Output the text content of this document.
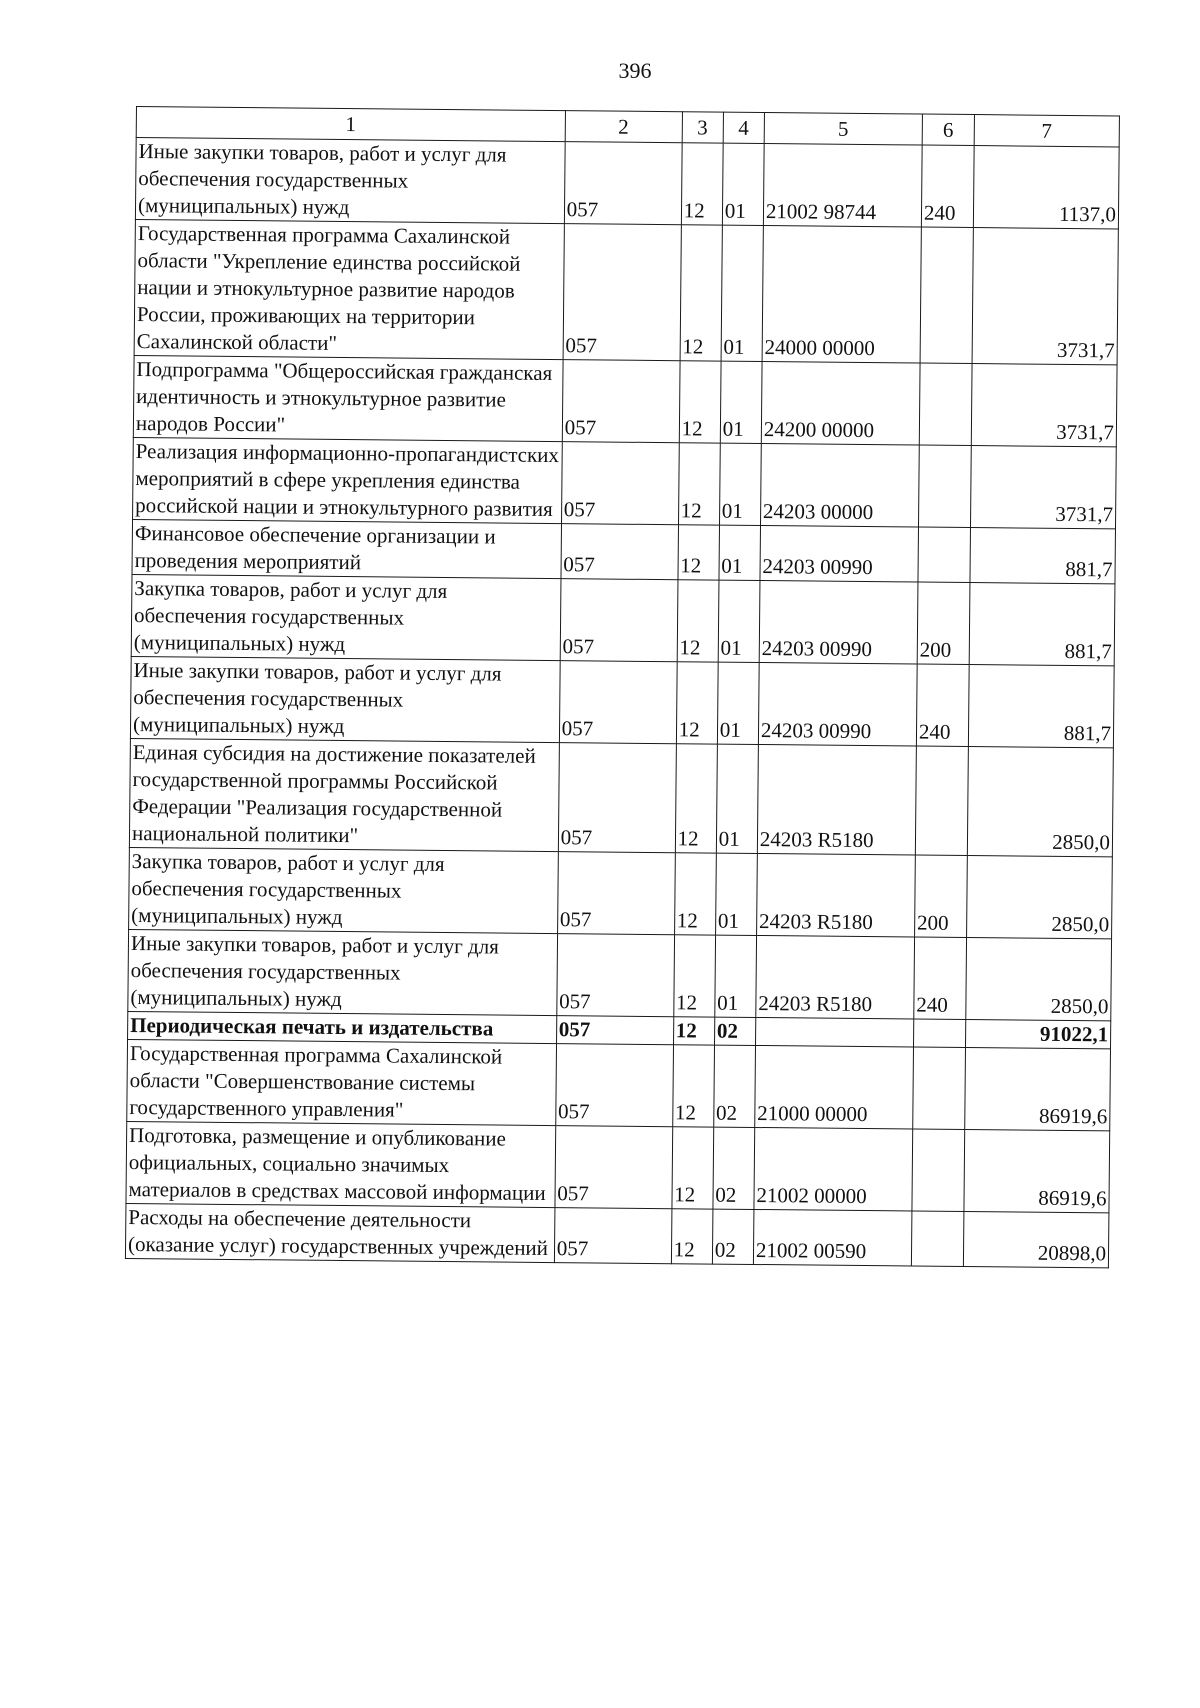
396
1	2	3	4	5	6	7
Иные закупки товаров, работ и услуг для обеспечения государственных (муниципальных) нужд	057	12	01	21002 98744	240	1137,0
Государственная программа Сахалинской области "Укрепление единства российской нации и этнокультурное развитие народов России, проживающих на территории Сахалинской области"	057	12	01	24000 00000		3731,7
Подпрограмма "Общероссийская гражданская идентичность и этнокультурное развитие народов России"	057	12	01	24200 00000		3731,7
Реализация информационно-пропагандистских мероприятий в сфере укрепления единства российской нации и этнокультурного развития	057	12	01	24203 00000		3731,7
Финансовое обеспечение организации и проведения мероприятий	057	12	01	24203 00990		881,7
Закупка товаров, работ и услуг для обеспечения государственных (муниципальных) нужд	057	12	01	24203 00990	200	881,7
Иные закупки товаров, работ и услуг для обеспечения государственных (муниципальных) нужд	057	12	01	24203 00990	240	881,7
Единая субсидия на достижение показателей государственной программы Российской Федерации "Реализация государственной национальной политики"	057	12	01	24203 R5180		2850,0
Закупка товаров, работ и услуг для обеспечения государственных (муниципальных) нужд	057	12	01	24203 R5180	200	2850,0
Иные закупки товаров, работ и услуг для обеспечения государственных (муниципальных) нужд	057	12	01	24203 R5180	240	2850,0
Периодическая печать и издательства	057	12	02			91022,1
Государственная программа Сахалинской области "Совершенствование системы государственного управления"	057	12	02	21000 00000		86919,6
Подготовка, размещение и опубликование официальных, социально значимых материалов в средствах массовой информации	057	12	02	21002 00000		86919,6
Расходы на обеспечение деятельности (оказание услуг) государственных учреждений	057	12	02	21002 00590		20898,0
